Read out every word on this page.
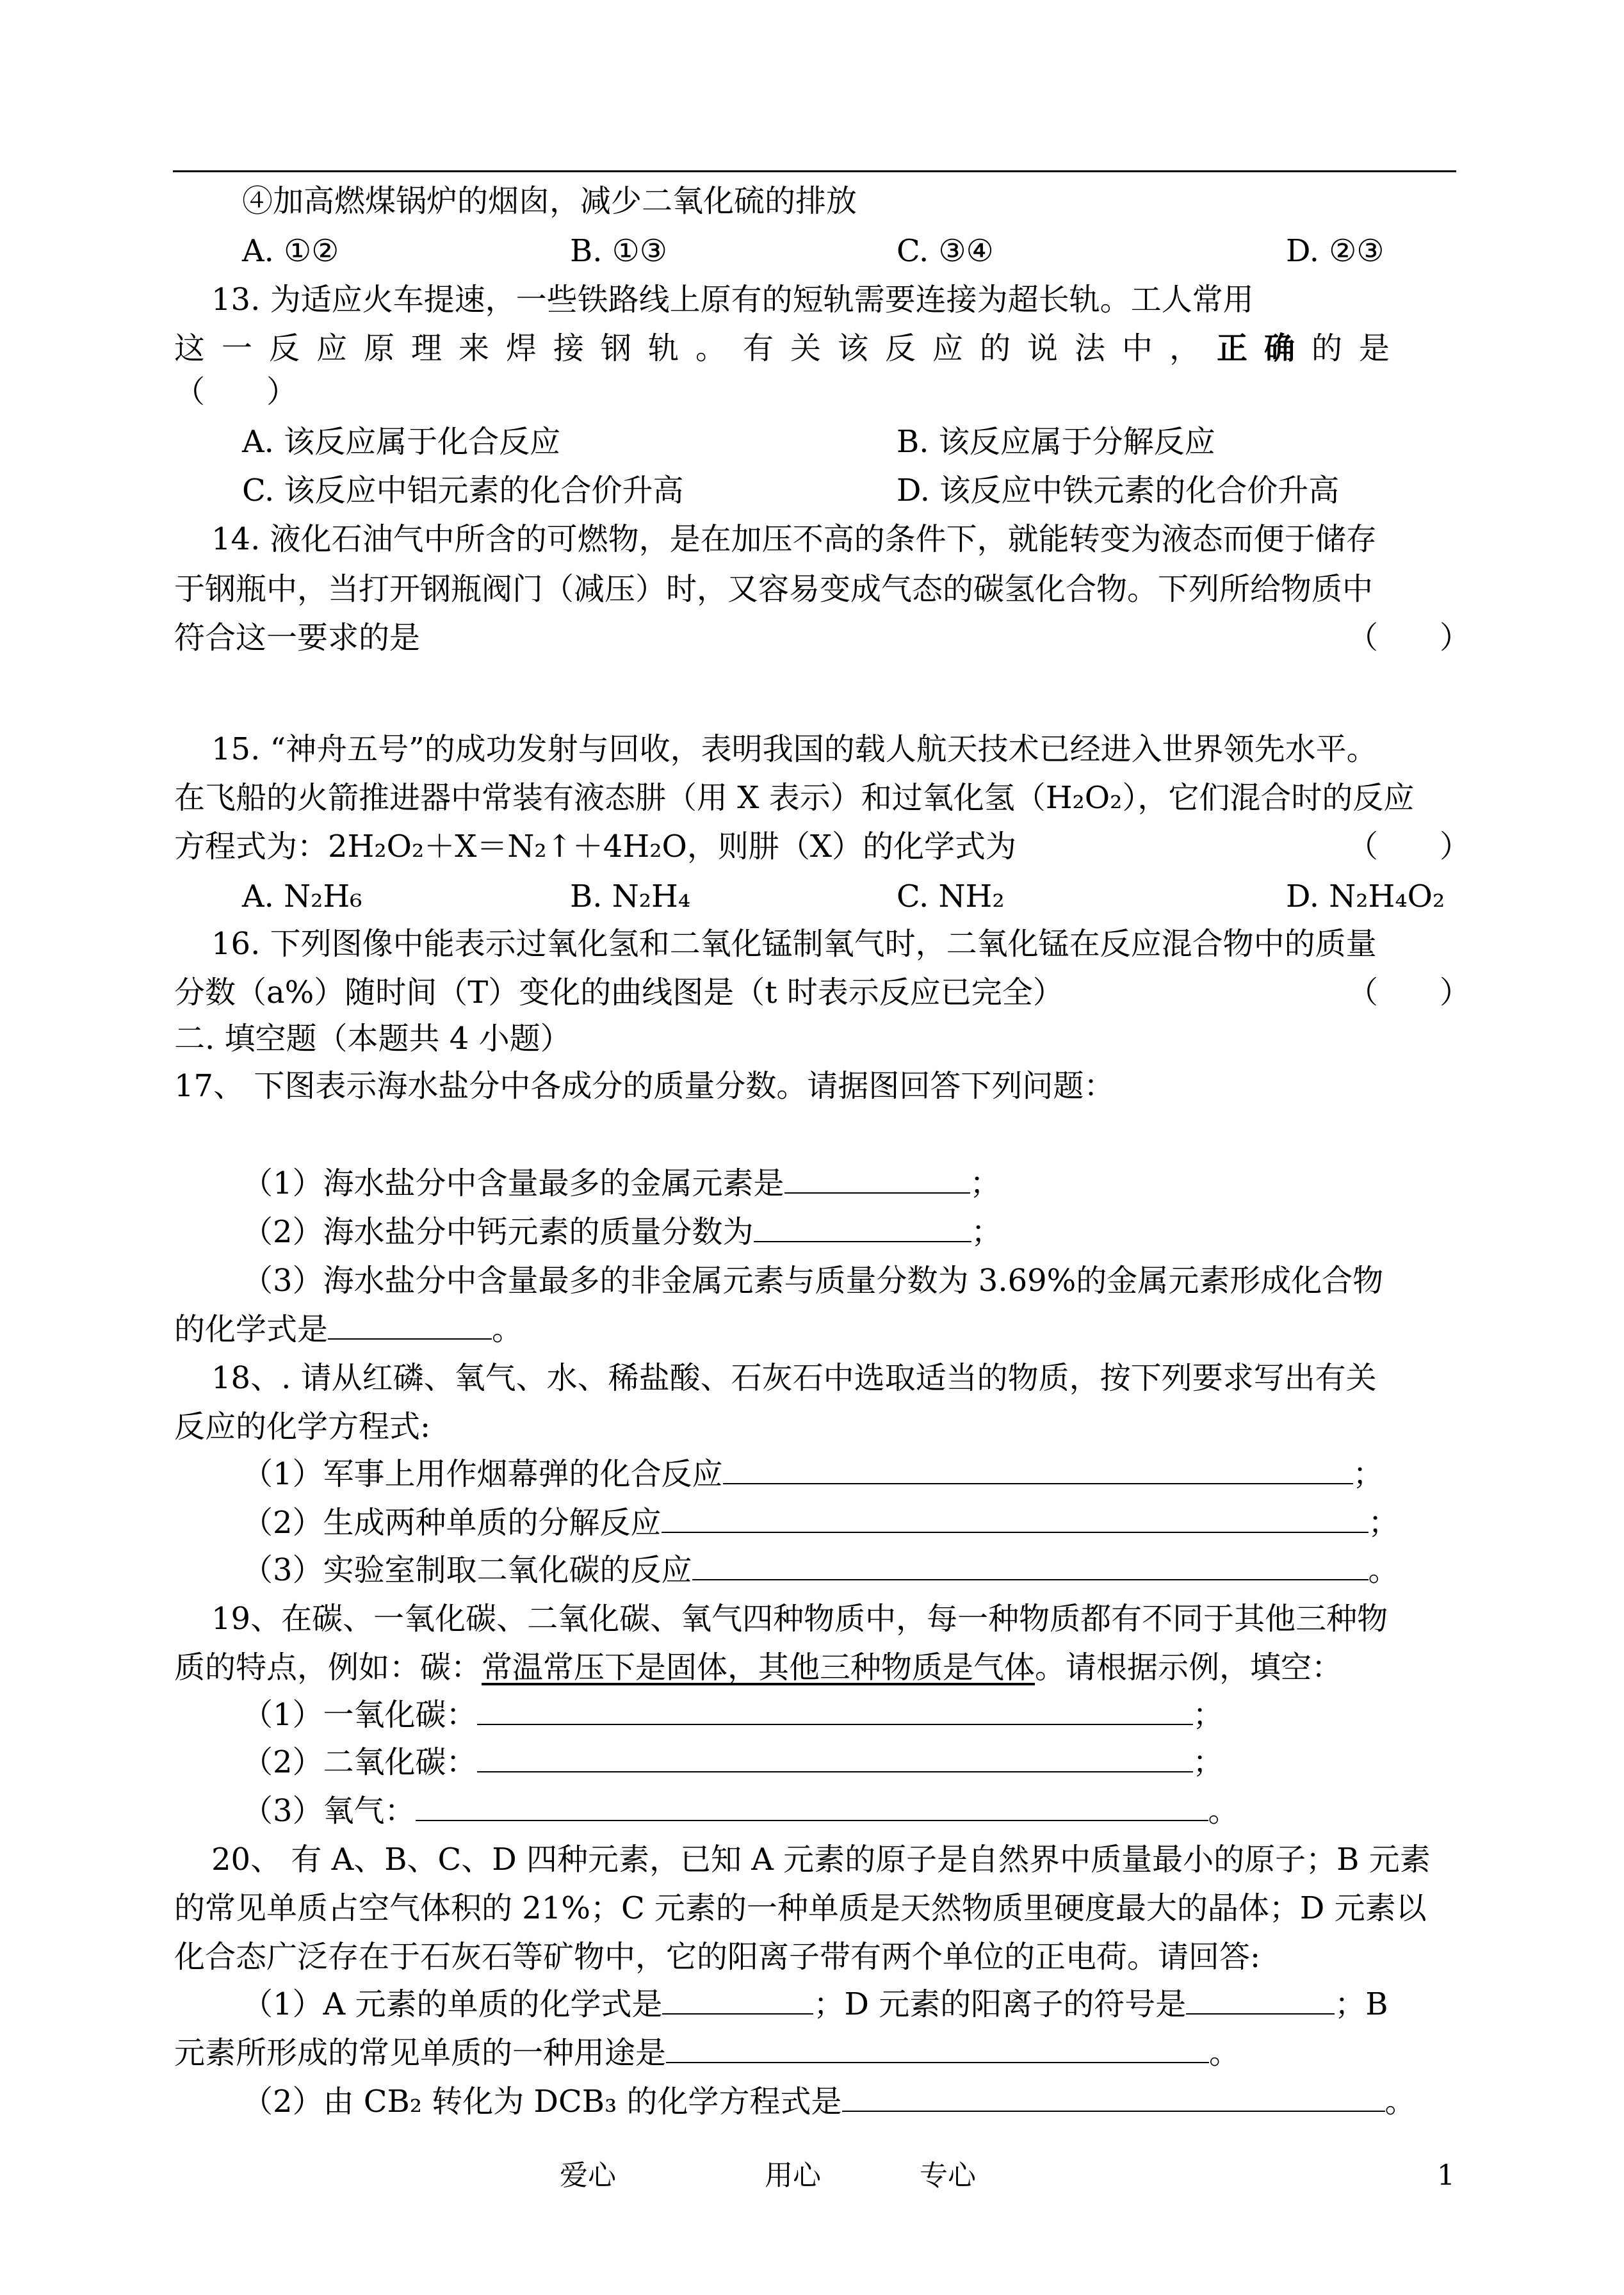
④加高燃煤锅炉的烟囱，减少二氧化硫的排放
A. ①②	B. ①③	C. ③④	D. ②③
13. 为适应火车提速，一些铁路线上原有的短轨需要连接为超长轨。工人常用
这一反应原理来焊接钢轨。有关该反应的说法中，正确的是
（　　）
A. 该反应属于化合反应	B. 该反应属于分解反应
C. 该反应中铝元素的化合价升高	D. 该反应中铁元素的化合价升高
14. 液化石油气中所含的可燃物，是在加压不高的条件下，就能转变为液态而便于储存
于钢瓶中，当打开钢瓶阀门（减压）时，又容易变成气态的碳氢化合物。下列所给物质中
符合这一要求的是	（　　）
15. “神舟五号”的成功发射与回收，表明我国的载人航天技术已经进入世界领先水平。
在飞船的火箭推进器中常装有液态肼（用 X 表示）和过氧化氢（H₂O₂），它们混合时的反应
方程式为：2H₂O₂＋X＝N₂↑＋4H₂O，则肼（X）的化学式为	（　　）
A. N₂H₆	B. N₂H₄	C. NH₂	D. N₂H₄O₂
16. 下列图像中能表示过氧化氢和二氧化锰制氧气时，二氧化锰在反应混合物中的质量
分数（a%）随时间（T）变化的曲线图是（t 时表示反应已完全）	（　　）
二. 填空题（本题共 4 小题）
17、 下图表示海水盐分中各成分的质量分数。请据图回答下列问题：
（1）海水盐分中含量最多的金属元素是	；
（2）海水盐分中钙元素的质量分数为	；
（3）海水盐分中含量最多的非金属元素与质量分数为 3.69%的金属元素形成化合物
的化学式是	。
18、. 请从红磷、氧气、水、稀盐酸、石灰石中选取适当的物质，按下列要求写出有关
反应的化学方程式:
（1）军事上用作烟幕弹的化合反应	；
（2）生成两种单质的分解反应	；
（3）实验室制取二氧化碳的反应	。
19、在碳、一氧化碳、二氧化碳、氧气四种物质中，每一种物质都有不同于其他三种物
质的特点，例如：碳：常温常压下是固体，其他三种物质是气体。请根据示例，填空：
（1）一氧化碳：	；
（2）二氧化碳：	；
（3）氧气：	。
20、 有 A、B、C、D 四种元素，已知 A 元素的原子是自然界中质量最小的原子；B 元素
的常见单质占空气体积的 21%；C 元素的一种单质是天然物质里硬度最大的晶体；D 元素以
化合态广泛存在于石灰石等矿物中，它的阳离子带有两个单位的正电荷。请回答:
（1）A 元素的单质的化学式是	；D 元素的阳离子的符号是	；B
元素所形成的常见单质的一种用途是	。
（2）由 CB₂ 转化为 DCB₃ 的化学方程式是	。
爱心	用心	专心	1
